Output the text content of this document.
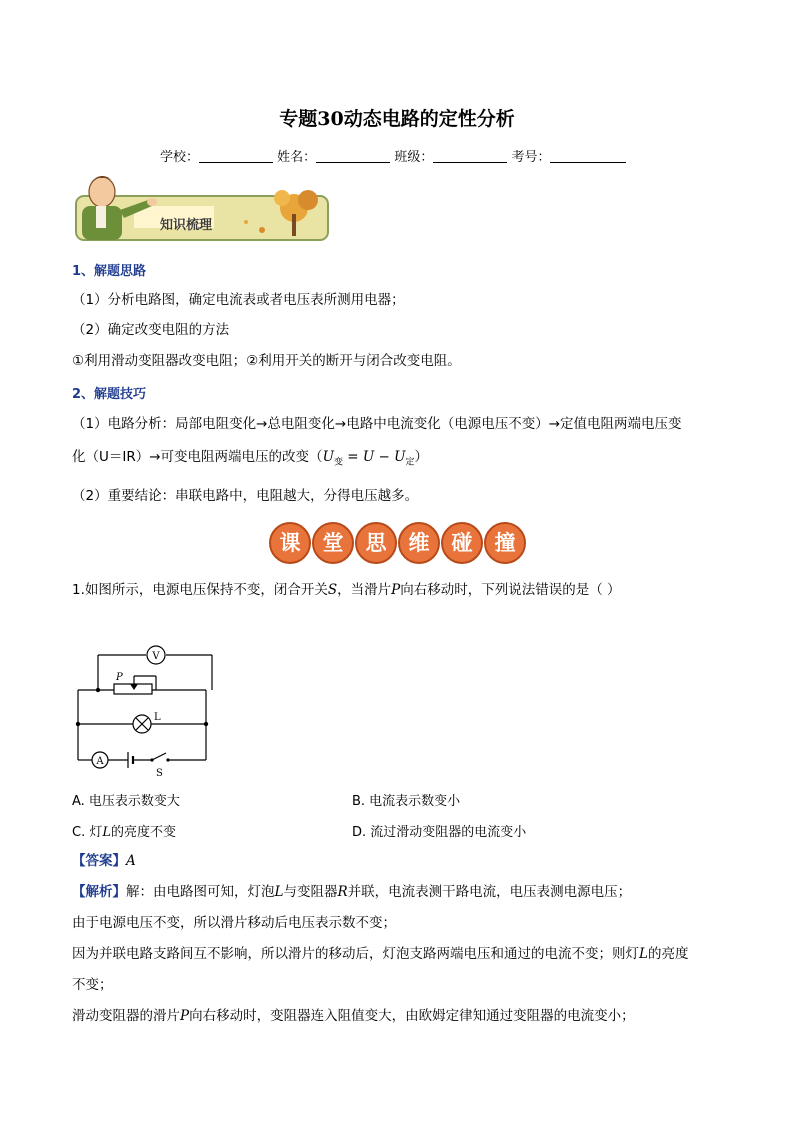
专题30动态电路的定性分析
学校：	姓名：	班级：	考号：
知识梳理
1、解题思路
（1）分析电路图，确定电流表或者电压表所测用电器；
（2）确定改变电阻的方法
①利用滑动变阻器改变电阻；②利用开关的断开与闭合改变电阻。
2、解题技巧
（1）电路分析：局部电阻变化→总电阻变化→电路中电流变化（电源电压不变）→定值电阻两端电压变
化（U＝IR）→可变电阻两端电压的改变$(U_变 = U - U_定)$
（2）重要结论：串联电路中，电阻越大，分得电压越多。
课 堂 思 维 碰 撞
1.如图所示，电源电压保持不变，闭合开关S，当滑片P向右移动时，下列说法错误的是（ ）
V
P
L
A
S
A. 电压表示数变大	B. 电流表示数变小
C. 灯L的亮度不变	D. 流过滑动变阻器的电流变小
【答案】A
【解析】解：由电路图可知，灯泡L与变阻器R并联，电流表测干路电流，电压表测电源电压；
由于电源电压不变，所以滑片移动后电压表示数不变；
因为并联电路支路间互不影响，所以滑片的移动后，灯泡支路两端电压和通过的电流不变；则灯L的亮度
不变；
滑动变阻器的滑片P向右移动时，变阻器连入阻值变大，由欧姆定律知通过变阻器的电流变小；
